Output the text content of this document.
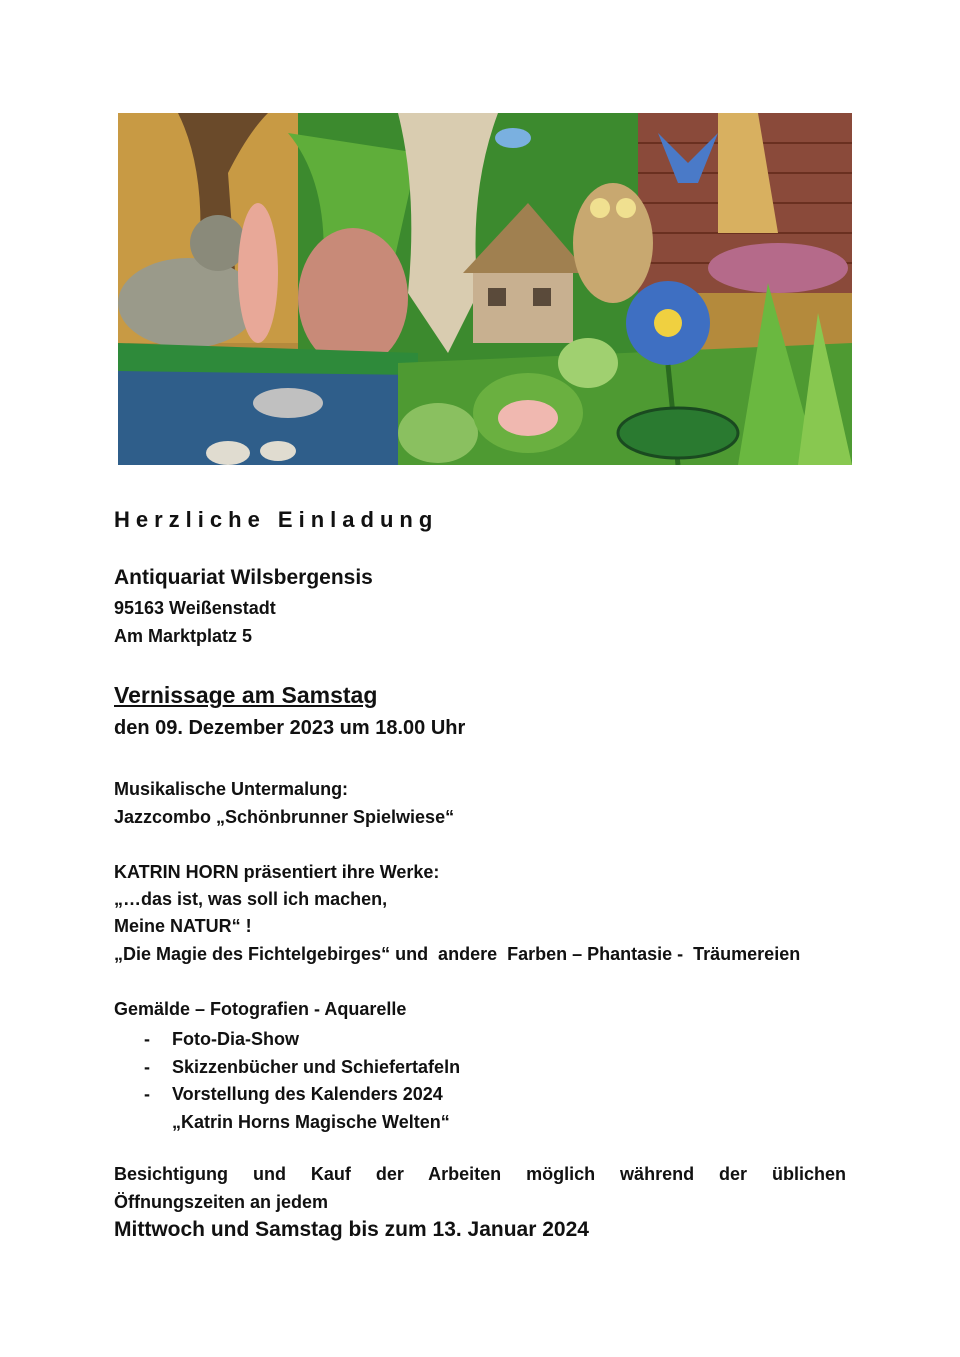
Herzliche Einladung
Antiquariat Wilsbergensis
95163 Weißenstadt
Am Marktplatz 5
Vernissage am Samstag
den 09. Dezember 2023 um 18.00 Uhr
Musikalische Untermalung:
Jazzcombo „Schönbrunner Spielwiese“
KATRIN HORN präsentiert ihre Werke:
„…das ist, was soll ich machen,
Meine NATUR“ !
„Die Magie des Fichtelgebirges“ und  andere  Farben – Phantasie -  Träumereien
Gemälde – Fotografien - Aquarelle
- Foto-Dia-Show
- Skizzenbücher und Schiefertafeln
- Vorstellung des Kalenders 2024
„Katrin Horns Magische Welten“
Besichtigung und Kauf der Arbeiten möglich während der üblichen
Öffnungszeiten an jedem
Mittwoch und Samstag bis zum 13. Januar 2024
